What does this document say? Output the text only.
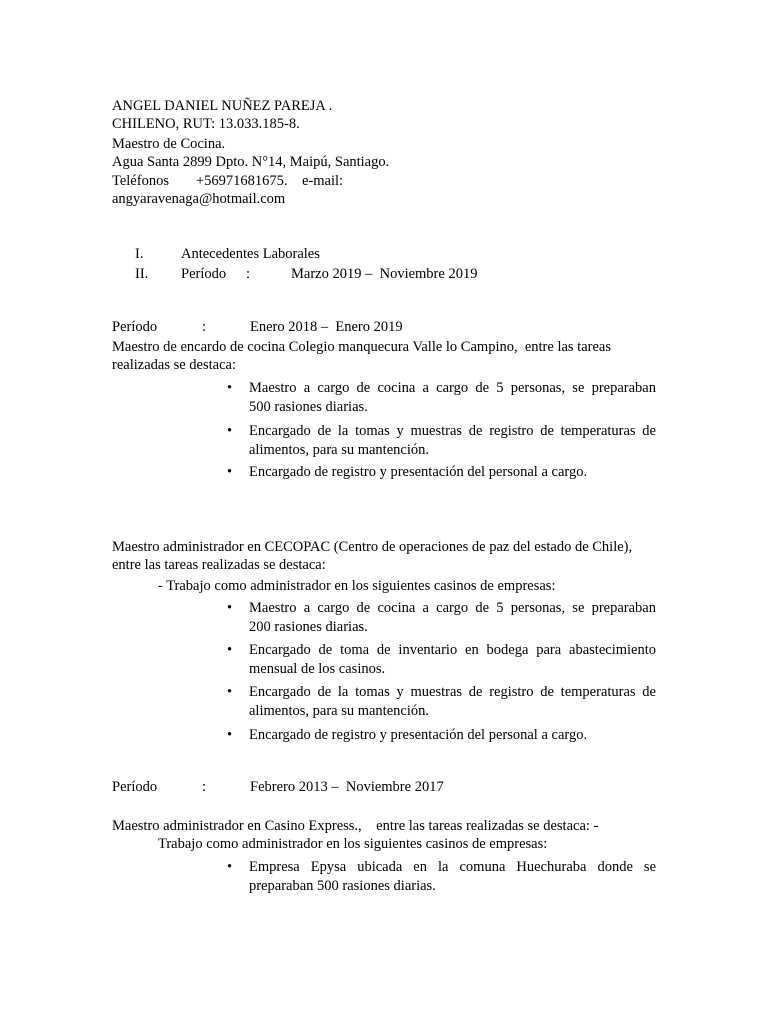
ANGEL DANIEL NUÑEZ PAREJA .
CHILENO, RUT: 13.033.185-8.
Maestro de Cocina.
Agua Santa 2899 Dpto. N°14, Maipú, Santiago.
Teléfonos +56971681675. e-mail:
angyaravenaga@hotmail.com
I.	Antecedentes Laborales
II. Período :	Marzo 2019 –  Noviembre 2019
Período	:	Enero 2018 –  Enero 2019
Maestro de encardo de cocina Colegio manquecura Valle lo Campino,  entre las tareas
realizadas se destaca:
• Maestro a cargo de cocina a cargo de 5 personas, se preparaban
500 rasiones diarias.
• Encargado de la tomas y muestras de registro de temperaturas de
alimentos, para su mantención.
• Encargado de registro y presentación del personal a cargo.
Maestro administrador en CECOPAC (Centro de operaciones de paz del estado de Chile),
entre las tareas realizadas se destaca:
- Trabajo como administrador en los siguientes casinos de empresas:
• Maestro a cargo de cocina a cargo de 5 personas, se preparaban
200 rasiones diarias.
• Encargado de toma de inventario en bodega para abastecimiento
mensual de los casinos.
• Encargado de la tomas y muestras de registro de temperaturas de
alimentos, para su mantención.
• Encargado de registro y presentación del personal a cargo.
Período	:	Febrero 2013 –  Noviembre 2017
Maestro administrador en Casino Express.,    entre las tareas realizadas se destaca: -
Trabajo como administrador en los siguientes casinos de empresas:
• Empresa Epysa ubicada en la comuna Huechuraba donde se
preparaban 500 rasiones diarias.
